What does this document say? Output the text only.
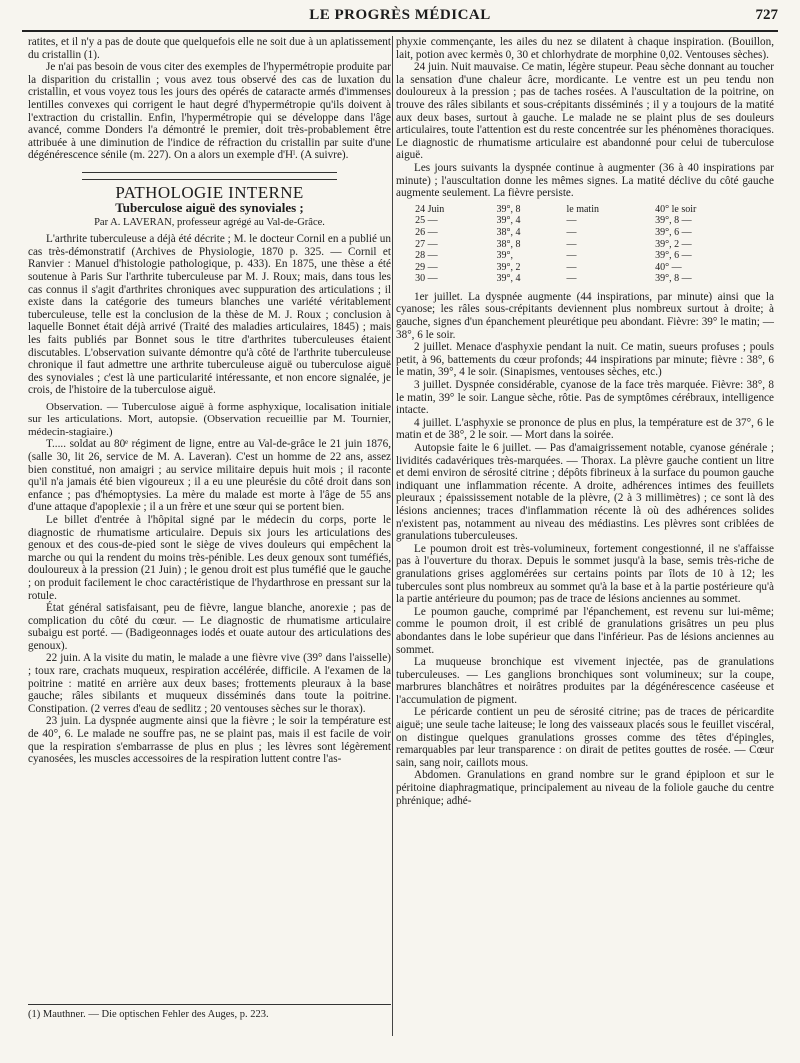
LE PROGRÈS MÉDICAL	727

ratites, et il n'y a pas de doute que quelquefois elle ne soit due à un aplatissement du cristallin (1).

Je n'ai pas besoin de vous citer des exemples de l'hypermétropie produite par la disparition du cristallin ; vous avez tous observé des cas de luxation du cristallin, et vous voyez tous les jours des opérés de cataracte armés d'immenses lentilles convexes qui corrigent le haut degré d'hypermétropie qu'ils doivent à l'extraction du cristallin. Enfin, l'hypermétropie qui se développe dans l'âge avancé, comme Donders l'a démontré le premier, doit très-probablement être attribuée à une diminution de l'indice de réfraction du cristallin par suite d'une dégénérescence sénile (m. 227). On a alors un exemple d'Hˡ. (A suivre).

PATHOLOGIE INTERNE
Tuberculose aiguë des synoviales ;
Par A. LAVERAN, professeur agrégé au Val-de-Grâce.

L'arthrite tuberculeuse a déjà été décrite ; M. le docteur Cornil en a publié un cas très-démonstratif (Archives de Physiologie, 1870 p. 325. — Cornil et Ranvier : Manuel d'histologie pathologique, p. 433). En 1875, une thèse a été soutenue à Paris Sur l'arthrite tuberculeuse par M. J. Roux; mais, dans tous les cas connus il s'agit d'arthrites chroniques avec suppuration des articulations ; il existe dans la catégorie des tumeurs blanches une variété véritablement tuberculeuse, telle est la conclusion de la thèse de M. J. Roux ; conclusion à laquelle Bonnet était déjà arrivé (Traité des maladies articulaires, 1845) ; mais les faits publiés par Bonnet sous le titre d'arthrites tuberculeuses étaient discutables. L'observation suivante démontre qu'à côté de l'arthrite tuberculeuse chronique il faut admettre une arthrite tuberculeuse aiguë ou tuberculose aiguë des synoviales ; c'est là une particularité intéressante, et non encore signalée, je crois, de l'histoire de la tuberculose aiguë.

Observation. — Tuberculose aiguë à forme asphyxique, localisation initiale sur les articulations. Mort, autopsie. (Observation recueillie par M. Tournier, médecin-stagiaire.)

T..... soldat au 80ᵉ régiment de ligne, entre au Val-de-grâce le 21 juin 1876, (salle 30, lit 26, service de M. A. Laveran). C'est un homme de 22 ans, assez bien constitué, non amaigri ; au service militaire depuis huit mois ; il raconte qu'il n'a jamais été bien vigoureux ; il a eu une pleurésie du côté droit dans son enfance ; pas d'hémoptysies. La mère du malade est morte à l'âge de 55 ans d'une attaque d'apoplexie ; il a un frère et une sœur qui se portent bien.

Le billet d'entrée à l'hôpital signé par le médecin du corps, porte le diagnostic de rhumatisme articulaire. Depuis six jours les articulations des genoux et des cous-de-pied sont le siège de vives douleurs qui empêchent la marche ou qui la rendent du moins très-pénible. Les deux genoux sont tuméfiés, douloureux à la pression (21 Juin) ; le genou droit est plus tuméfié que le gauche ; on produit facilement le choc caractéristique de l'hydarthrose en pressant sur la rotule.

État général satisfaisant, peu de fièvre, langue blanche, anorexie ; pas de complication du côté du cœur. — Le diagnostic de rhumatisme articulaire subaigu est porté. — (Badigeonnages iodés et ouate autour des articulations des genoux).

22 juin. A la visite du matin, le malade a une fièvre vive (39° dans l'aisselle) ; toux rare, crachats muqueux, respiration accélérée, difficile. A l'examen de la poitrine : matité en arrière aux deux bases; frottements pleuraux à la base gauche; râles sibilants et muqueux disséminés dans toute la poitrine. Constipation. (2 verres d'eau de sedlitz ; 20 ventouses sèches sur le thorax).

23 juin. La dyspnée augmente ainsi que la fièvre ; le soir la température est de 40°, 6. Le malade ne souffre pas, ne se plaint pas, mais il est facile de voir que la respiration s'embarrasse de plus en plus ; les lèvres sont légèrement cyanosées, les muscles accessoires de la respiration luttent contre l'as-

phyxie commençante, les ailes du nez se dilatent à chaque inspiration. (Bouillon, lait, potion avec kermès 0, 30 et chlorhydrate de morphine 0,02. Ventouses sèches).

24 juin. Nuit mauvaise. Ce matin, légère stupeur. Peau sèche donnant au toucher la sensation d'une chaleur âcre, mordicante. Le ventre est un peu tendu non douloureux à la pression ; pas de taches rosées. A l'auscultation de la poitrine, on trouve des râles sibilants et sous-crépitants disséminés ; il y a toujours de la matité aux deux bases, surtout à gauche. Le malade ne se plaint plus de ses douleurs articulaires, toute l'attention est du reste concentrée sur les phénomènes thoraciques. Le diagnostic de rhumatisme articulaire est abandonné pour celui de tuberculose aiguë.

Les jours suivants la dyspnée continue à augmenter (36 à 40 inspirations par minute) ; l'auscultation donne les mêmes signes. La matité déclive du côté gauche augmente seulement. La fièvre persiste.

24 Juin	39°, 8	le matin	40° le soir
25 —	39°, 4	—	39°, 8 —
26 —	38°, 4	—	39°, 6 —
27 —	38°, 8	—	39°, 2 —
28 —	39°,	—	39°, 6 —
29 —	39°, 2	—	40° —
30 —	39°, 4	—	39°, 8 —

1er juillet. La dyspnée augmente (44 inspirations, par minute) ainsi que la cyanose; les râles sous-crépitants deviennent plus nombreux surtout à droite; à gauche, signes d'un épanchement pleurétique peu abondant. Fièvre: 39° le matin; — 38°, 6 le soir.

2 juillet. Menace d'asphyxie pendant la nuit. Ce matin, sueurs profuses ; pouls petit, à 96, battements du cœur profonds; 44 inspirations par minute; fièvre : 38°, 6 le matin, 39°, 4 le soir. (Sinapismes, ventouses sèches, etc.)

3 juillet. Dyspnée considérable, cyanose de la face très marquée. Fièvre: 38°, 8 le matin, 39° le soir. Langue sèche, rôtie. Pas de symptômes cérébraux, intelligence intacte.

4 juillet. L'asphyxie se prononce de plus en plus, la température est de 37°, 6 le matin et de 38°, 2 le soir. — Mort dans la soirée.

Autopsie faite le 6 juillet. — Pas d'amaigrissement notable, cyanose générale ; lividités cadavériques très-marquées. — Thorax. La plèvre gauche contient un litre et demi environ de sérosité citrine ; dépôts fibrineux à la surface du poumon gauche indiquant une inflammation récente. A droite, adhérences intimes des feuillets pleuraux ; épaississement notable de la plèvre, (2 à 3 millimètres) ; ce sont là des lésions anciennes; traces d'inflammation récente là où des adhérences solides n'existent pas, notamment au niveau des médiastins. Les plèvres sont criblées de granulations tuberculeuses.

Le poumon droit est très-volumineux, fortement congestionné, il ne s'affaisse pas à l'ouverture du thorax. Depuis le sommet jusqu'à la base, semis très-riche de granulations grises agglomérées sur certains points par îlots de 10 à 12; les tubercules sont plus nombreux au sommet qu'à la base et à la partie postérieure qu'à la partie antérieure du poumon; pas de trace de lésions anciennes au sommet.

Le poumon gauche, comprimé par l'épanchement, est revenu sur lui-même; comme le poumon droit, il est criblé de granulations grisâtres un peu plus abondantes dans le lobe supérieur que dans l'inférieur. Pas de lésions anciennes au sommet.

La muqueuse bronchique est vivement injectée, pas de granulations tuberculeuses. — Les ganglions bronchiques sont volumineux; sur la coupe, marbrures blanchâtres et noirâtres produites par la dégénérescence caséeuse et l'accumulation de pigment.

Le péricarde contient un peu de sérosité citrine; pas de traces de péricardite aiguë; une seule tache laiteuse; le long des vaisseaux placés sous le feuillet viscéral, on distingue quelques granulations grosses comme des têtes d'épingles, remarquables par leur transparence : on dirait de petites gouttes de rosée. — Cœur sain, sang noir, caillots mous.

Abdomen. Granulations en grand nombre sur le grand épiploon et sur le péritoine diaphragmatique, principalement au niveau de la foliole gauche du centre phrénique; adhé-

(1) Mauthner. — Die optischen Fehler des Auges, p. 223.
